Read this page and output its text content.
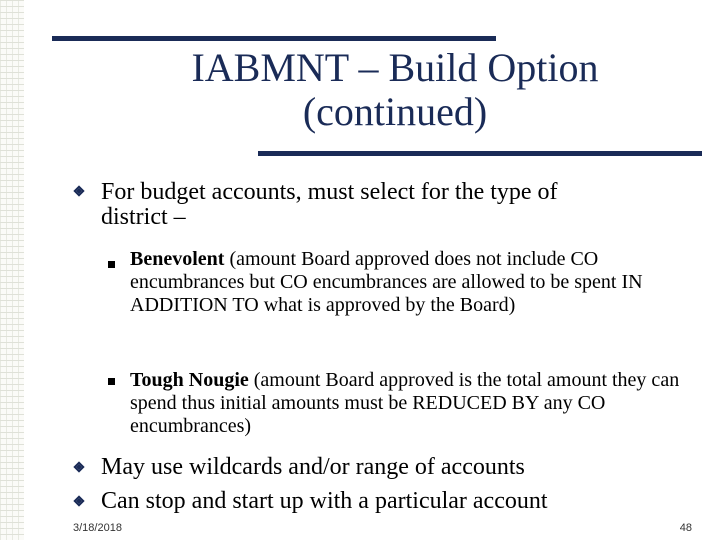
IABMNT – Build Option
(continued)
For budget accounts, must select for the type of
district –
Benevolent (amount Board approved does not include CO encumbrances but CO encumbrances are allowed to be spent IN ADDITION TO what is approved by the Board)
Tough Nougie (amount Board approved is the total amount they can spend thus initial amounts must be REDUCED BY any CO encumbrances)
May use wildcards and/or range of accounts
Can stop and start up with a particular account
3/18/2018	48
